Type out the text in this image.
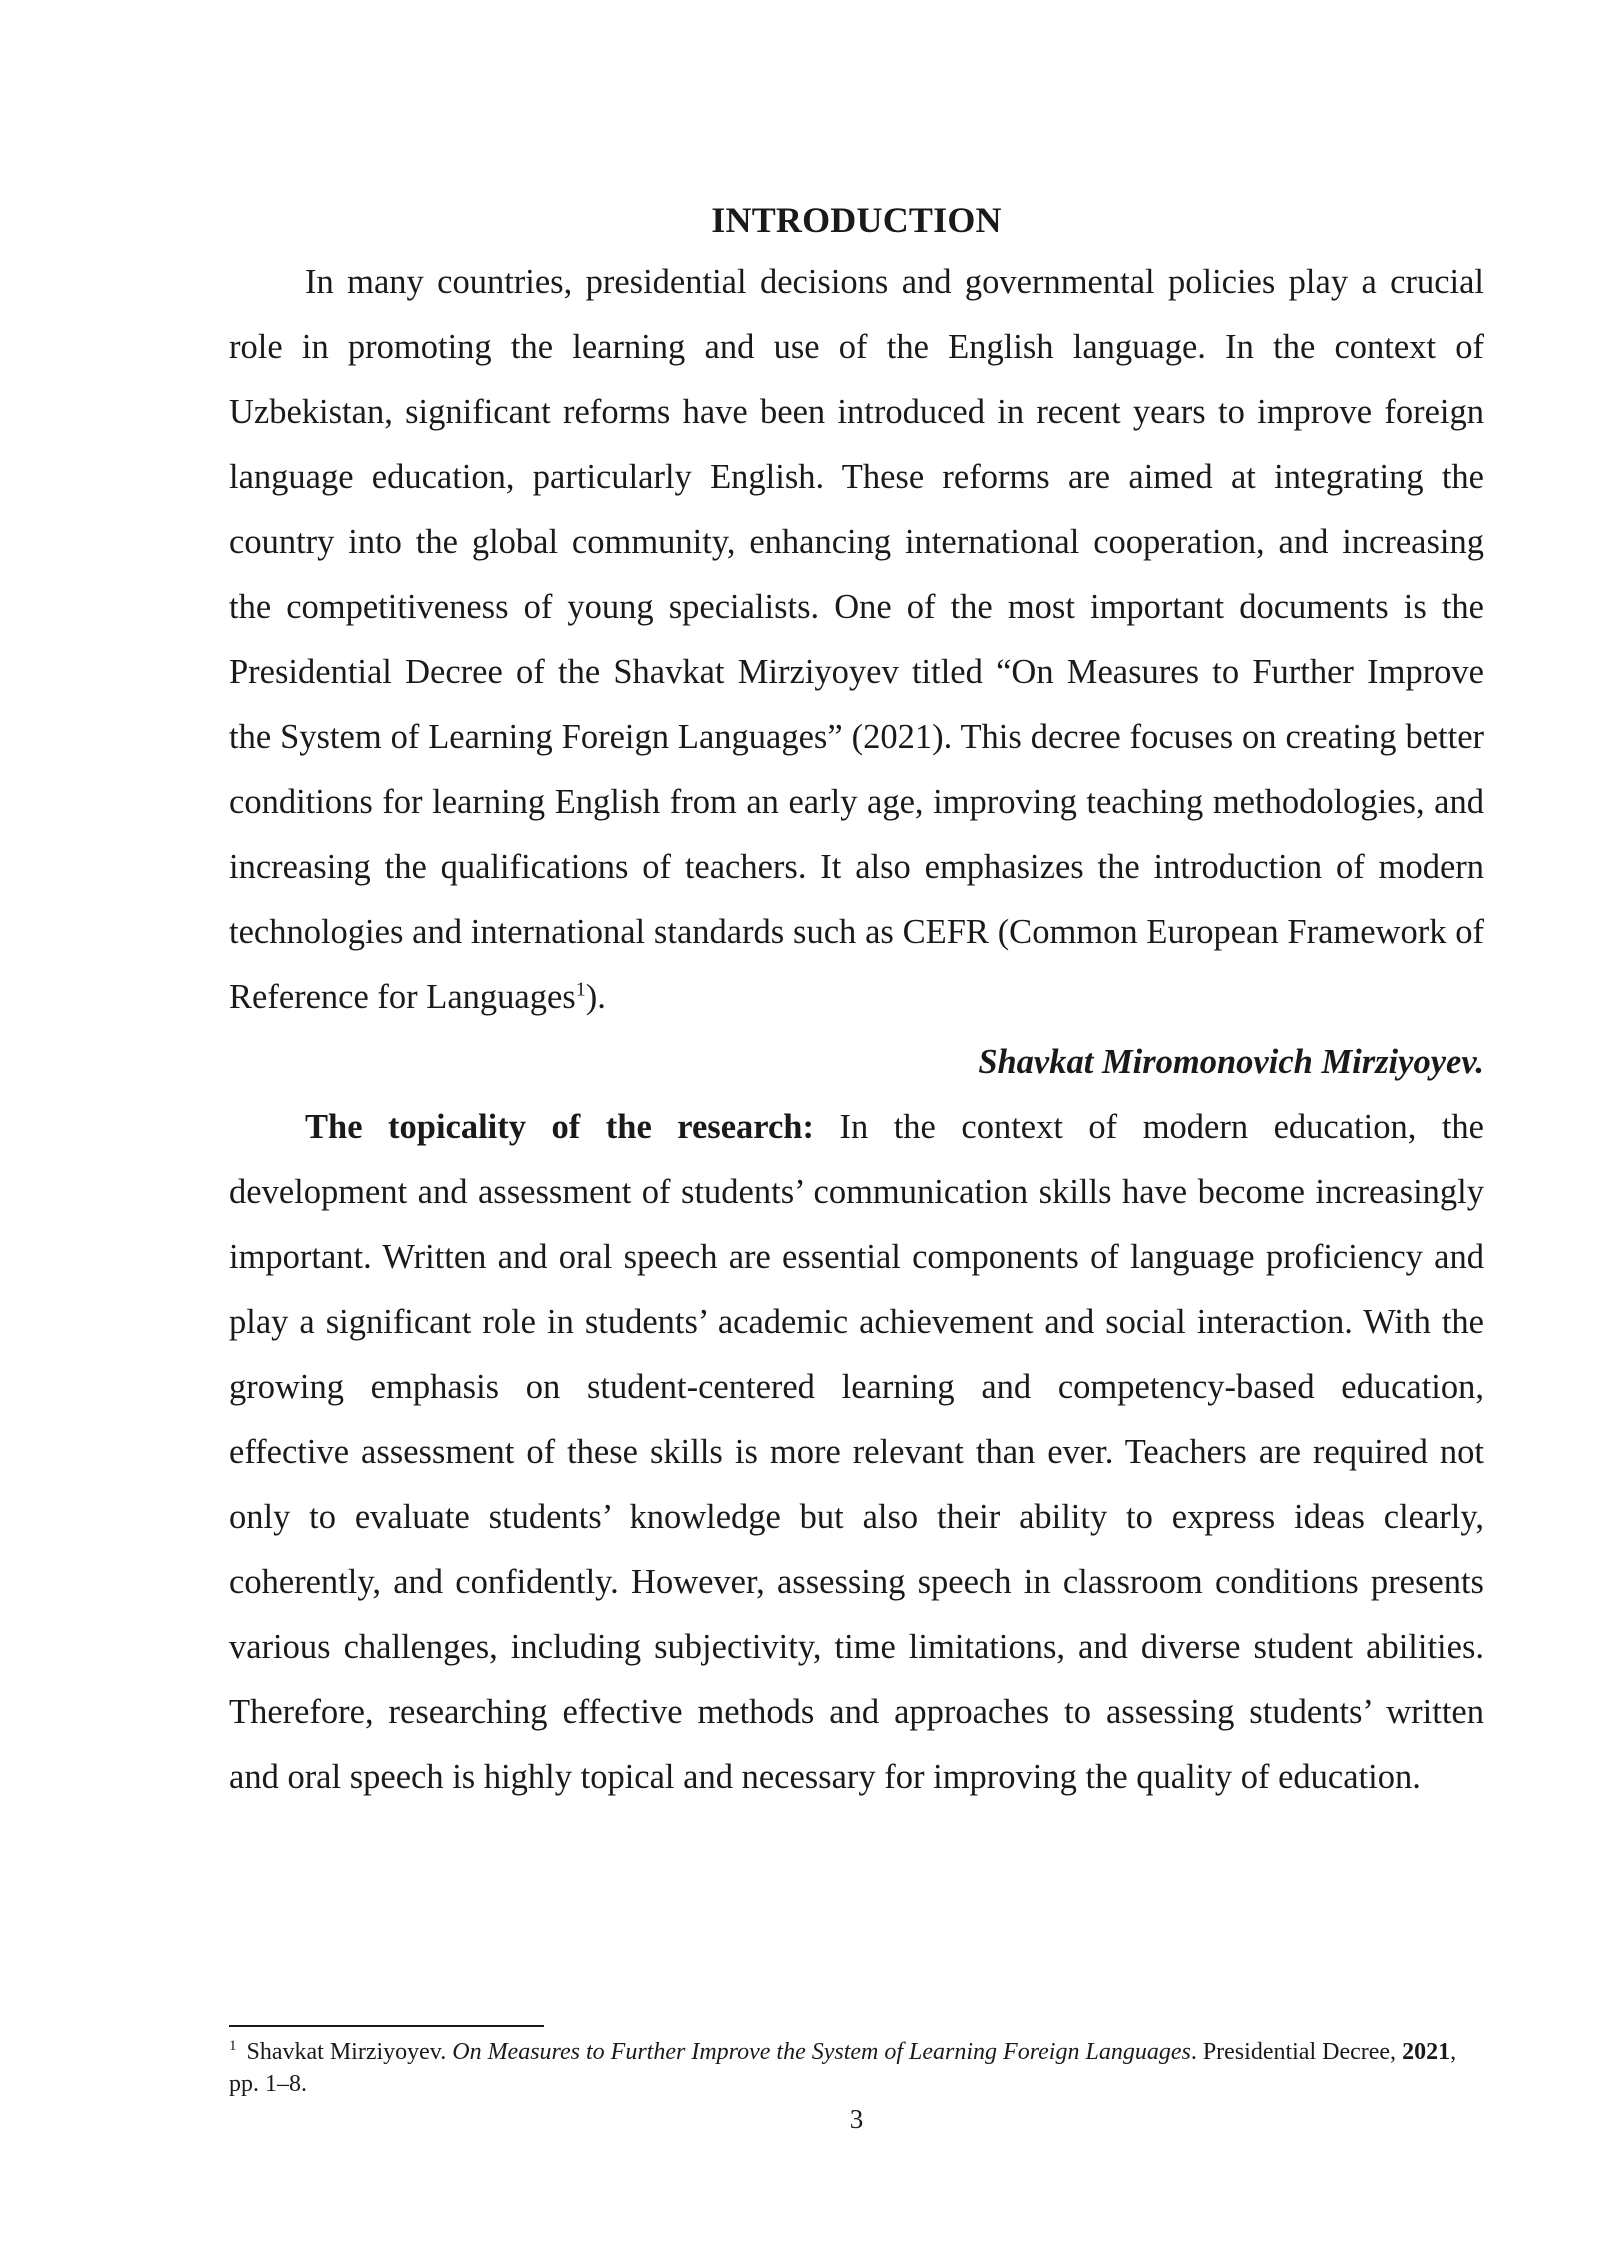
INTRODUCTION

In many countries, presidential decisions and governmental policies play a crucial role in promoting the learning and use of the English language. In the context of Uzbekistan, significant reforms have been introduced in recent years to improve foreign language education, particularly English. These reforms are aimed at integrating the country into the global community, enhancing international cooperation, and increasing the competitiveness of young specialists. One of the most important documents is the Presidential Decree of the Shavkat Mirziyoyev titled “On Measures to Further Improve the System of Learning Foreign Languages” (2021). This decree focuses on creating better conditions for learning English from an early age, improving teaching methodologies, and increasing the qualifications of teachers. It also emphasizes the introduction of modern technologies and international standards such as CEFR (Common European Framework of Reference for Languages$^1$).

Shavkat Miromonovich Mirziyoyev.

The topicality of the research: In the context of modern education, the development and assessment of students’ communication skills have become increasingly important. Written and oral speech are essential components of language proficiency and play a significant role in students’ academic achievement and social interaction. With the growing emphasis on student-centered learning and competency-based education, effective assessment of these skills is more relevant than ever. Teachers are required not only to evaluate students’ knowledge but also their ability to express ideas clearly, coherently, and confidently. However, assessing speech in classroom conditions presents various challenges, including subjectivity, time limitations, and diverse student abilities. Therefore, researching effective methods and approaches to assessing students’ written and oral speech is highly topical and necessary for improving the quality of education.

$^1$ Shavkat Mirziyoyev. On Measures to Further Improve the System of Learning Foreign Languages. Presidential Decree, 2021, pp. 1–8.

3
